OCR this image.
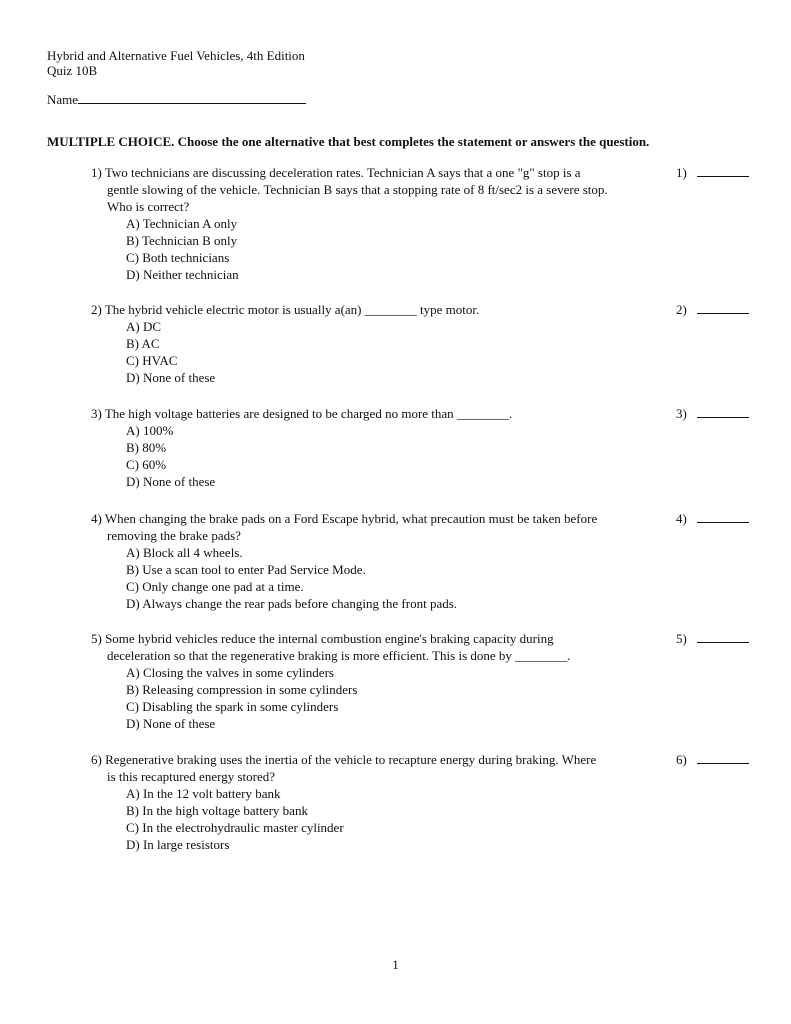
Hybrid and Alternative Fuel Vehicles, 4th Edition
Quiz 10B
Name
MULTIPLE CHOICE. Choose the one alternative that best completes the statement or answers the question.
1) Two technicians are discussing deceleration rates. Technician A says that a one "g" stop is a
gentle slowing of the vehicle. Technician B says that a stopping rate of 8 ft/sec2 is a severe stop.
Who is correct?
A) Technician A only
B) Technician B only
C) Both technicians
D) Neither technician
1)
2) The hybrid vehicle electric motor is usually a(an) ________ type motor.
A) DC
B) AC
C) HVAC
D) None of these
2)
3) The high voltage batteries are designed to be charged no more than ________.
A) 100%
B) 80%
C) 60%
D) None of these
3)
4) When changing the brake pads on a Ford Escape hybrid, what precaution must be taken before
removing the brake pads?
A) Block all 4 wheels.
B) Use a scan tool to enter Pad Service Mode.
C) Only change one pad at a time.
D) Always change the rear pads before changing the front pads.
4)
5) Some hybrid vehicles reduce the internal combustion engine's braking capacity during
deceleration so that the regenerative braking is more efficient. This is done by ________.
A) Closing the valves in some cylinders
B) Releasing compression in some cylinders
C) Disabling the spark in some cylinders
D) None of these
5)
6) Regenerative braking uses the inertia of the vehicle to recapture energy during braking. Where
is this recaptured energy stored?
A) In the 12 volt battery bank
B) In the high voltage battery bank
C) In the electrohydraulic master cylinder
D) In large resistors
6)
1
